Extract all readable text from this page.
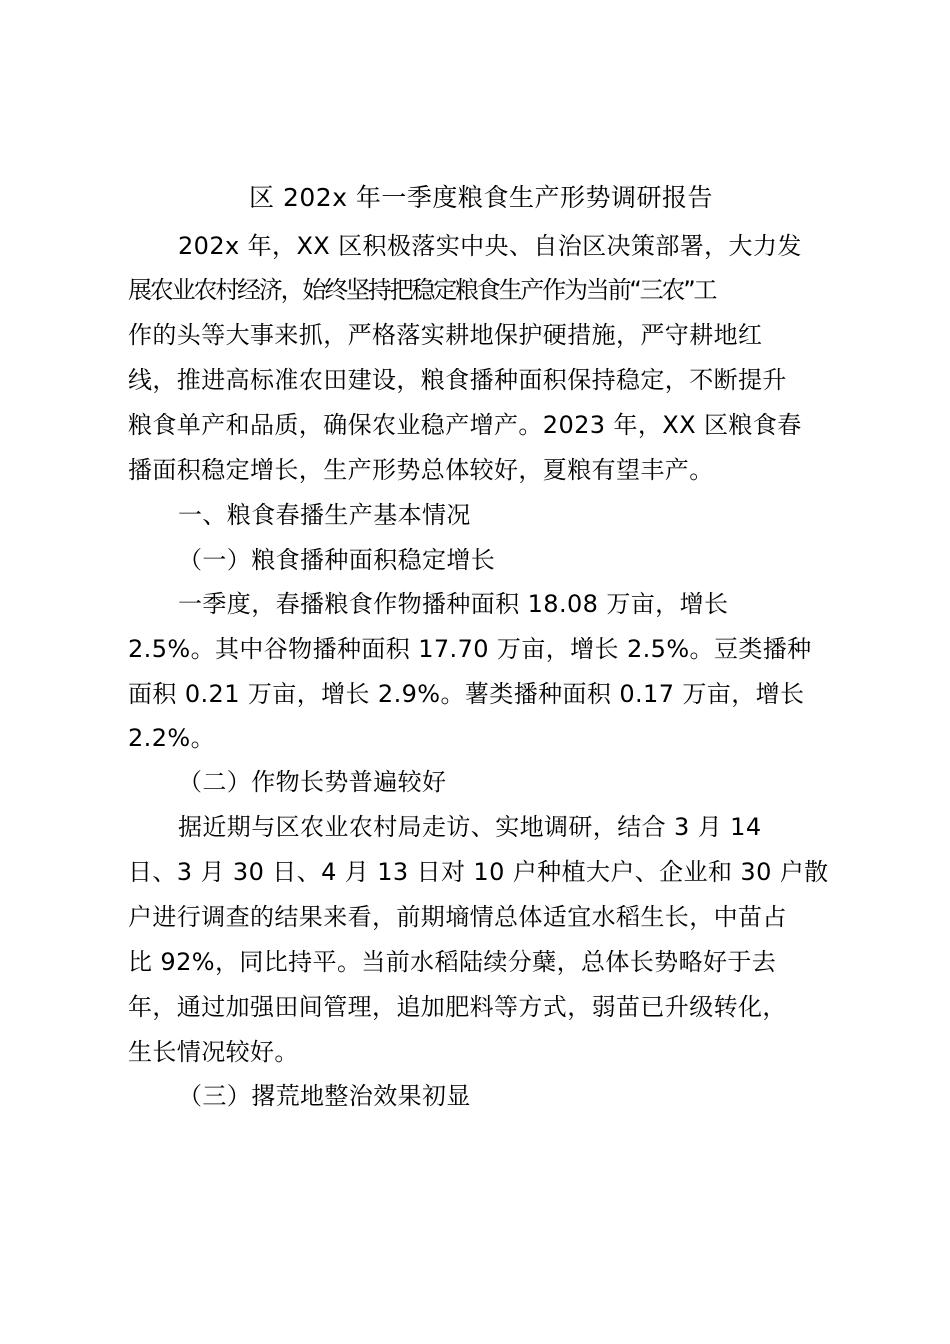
区 202x 年一季度粮食生产形势调研报告
202x 年，XX 区积极落实中央、自治区决策部署，大力发
展农业农村经济，始终坚持把稳定粮食生产作为当前“三农”工
作的头等大事来抓，严格落实耕地保护硬措施，严守耕地红
线，推进高标准农田建设，粮食播种面积保持稳定，不断提升
粮食单产和品质，确保农业稳产增产。2023 年，XX 区粮食春
播面积稳定增长，生产形势总体较好，夏粮有望丰产。
一、粮食春播生产基本情况
（一）粮食播种面积稳定增长
一季度，春播粮食作物播种面积 18.08 万亩，增长
2.5%。其中谷物播种面积 17.70 万亩，增长 2.5%。豆类播种
面积 0.21 万亩，增长 2.9%。薯类播种面积 0.17 万亩，增长
2.2%。
（二）作物长势普遍较好
据近期与区农业农村局走访、实地调研，结合 3 月 14
日、3 月 30 日、4 月 13 日对 10 户种植大户、企业和 30 户散
户进行调查的结果来看，前期墒情总体适宜水稻生长，中苗占
比 92%，同比持平。当前水稻陆续分蘖，总体长势略好于去
年，通过加强田间管理，追加肥料等方式，弱苗已升级转化，
生长情况较好。
（三）撂荒地整治效果初显
